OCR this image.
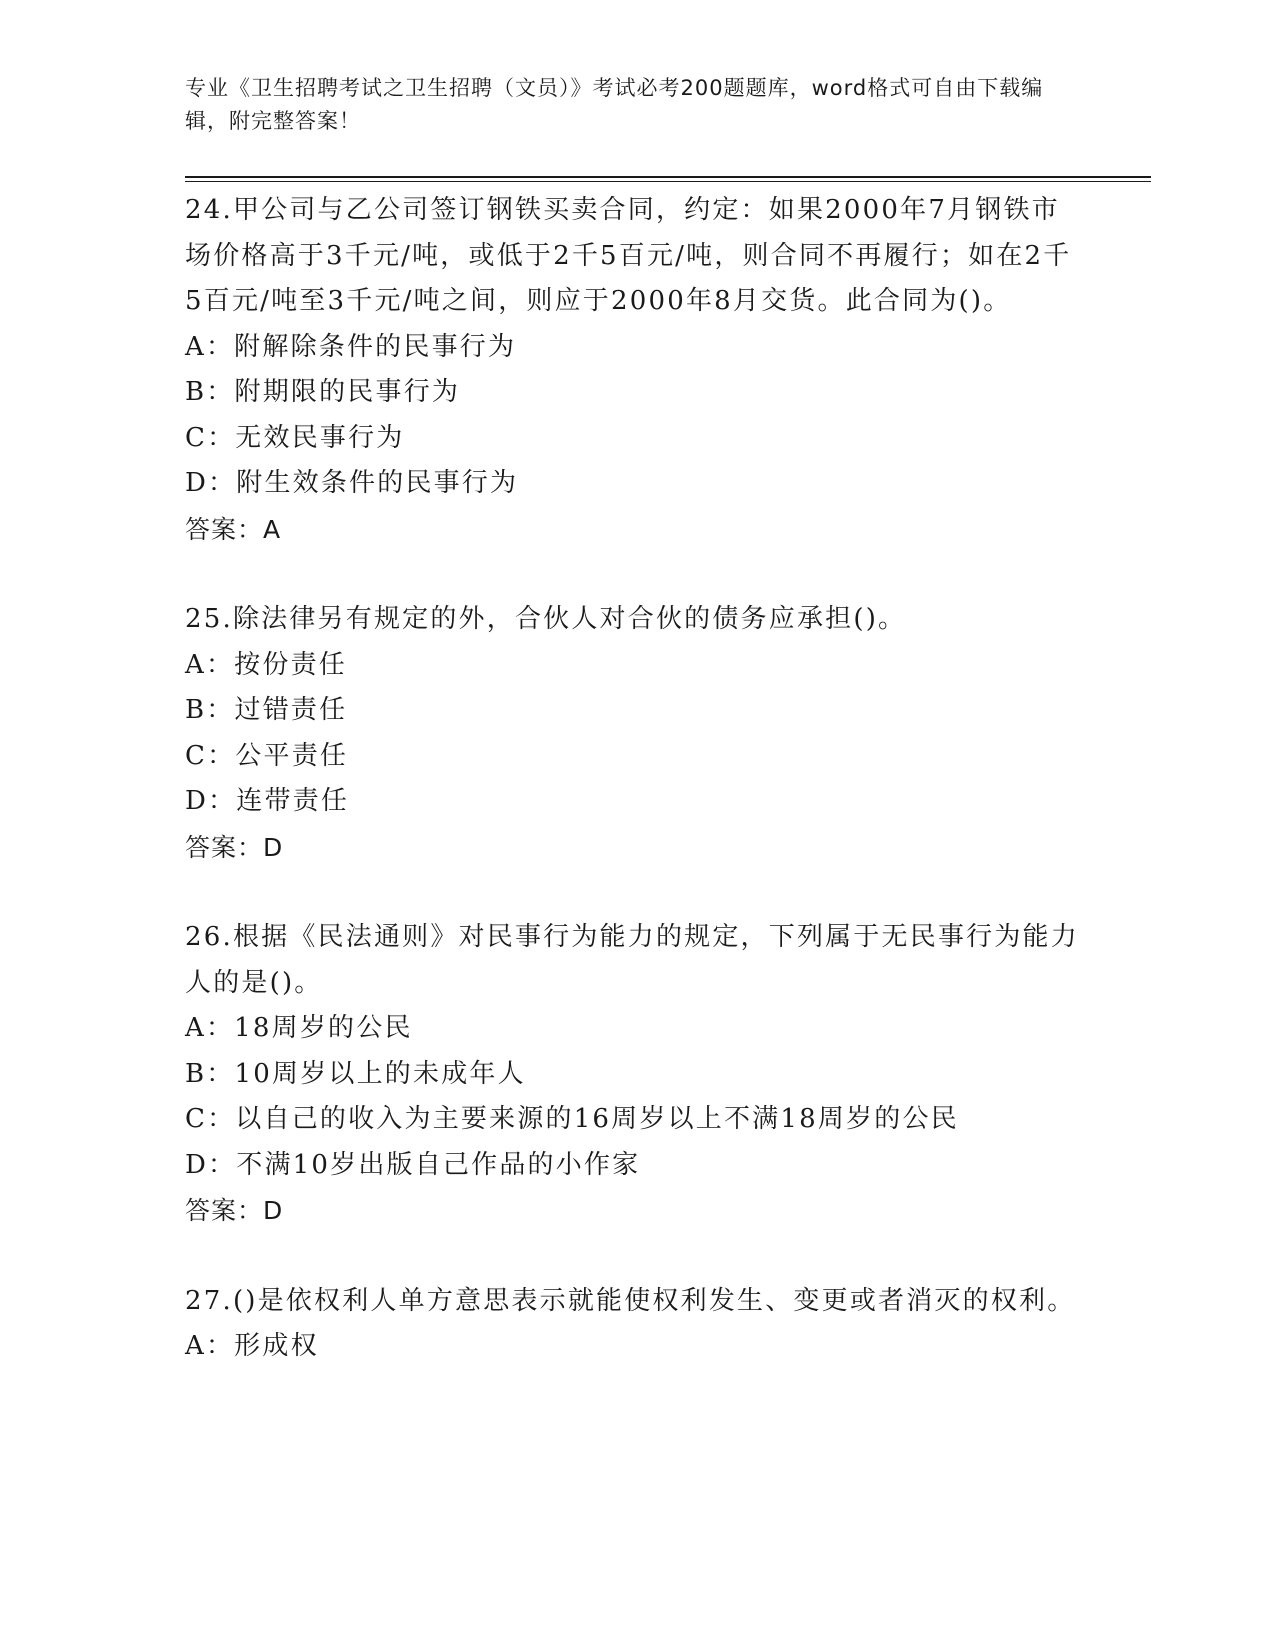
专业《卫生招聘考试之卫生招聘（文员）》考试必考200题题库，word格式可自由下载编辑，附完整答案！

24.甲公司与乙公司签订钢铁买卖合同，约定：如果2000年7月钢铁市场价格高于3千元/吨，或低于2千5百元/吨，则合同不再履行；如在2千5百元/吨至3千元/吨之间，则应于2000年8月交货。此合同为()。

A：附解除条件的民事行为
B：附期限的民事行为
C：无效民事行为
D：附生效条件的民事行为

答案：A

25.除法律另有规定的外，合伙人对合伙的债务应承担()。

A：按份责任
B：过错责任
C：公平责任
D：连带责任

答案：D

26.根据《民法通则》对民事行为能力的规定，下列属于无民事行为能力人的是()。

A：18周岁的公民
B：10周岁以上的未成年人
C：以自己的收入为主要来源的16周岁以上不满18周岁的公民
D：不满10岁出版自己作品的小作家

答案：D

27.()是依权利人单方意思表示就能使权利发生、变更或者消灭的权利。

A：形成权
